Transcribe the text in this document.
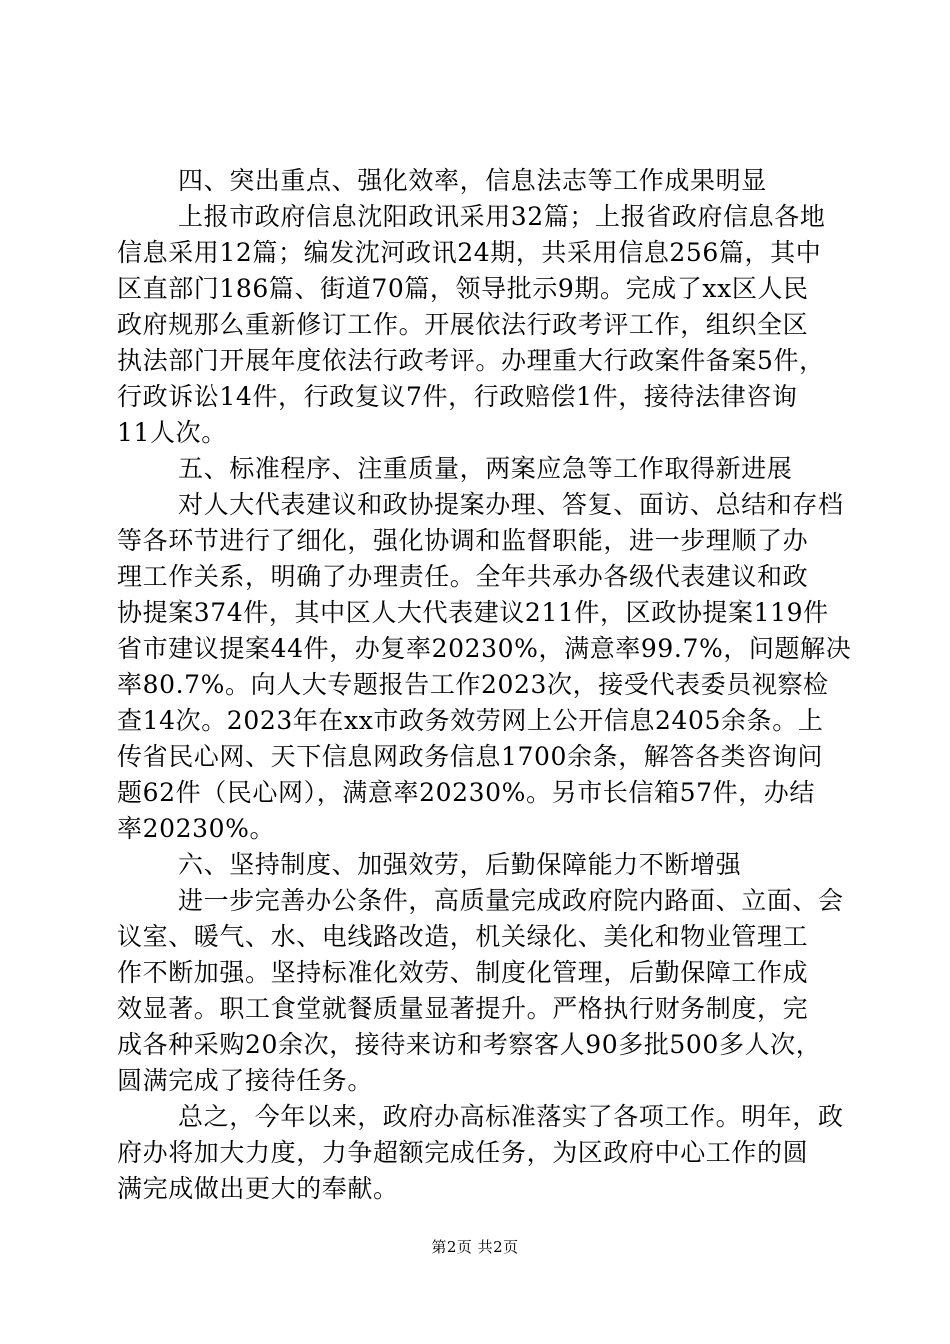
四、突出重点、强化效率，信息法志等工作成果明显
上报市政府信息沈阳政讯采用32篇；上报省政府信息各地
信息采用12篇；编发沈河政讯24期，共采用信息256篇，其中
区直部门186篇、街道70篇，领导批示9期。完成了xx区人民
政府规那么重新修订工作。开展依法行政考评工作，组织全区
执法部门开展年度依法行政考评。办理重大行政案件备案5件，
行政诉讼14件，行政复议7件，行政赔偿1件，接待法律咨询
11人次。
五、标准程序、注重质量，两案应急等工作取得新进展
对人大代表建议和政协提案办理、答复、面访、总结和存档
等各环节进行了细化，强化协调和监督职能，进一步理顺了办
理工作关系，明确了办理责任。全年共承办各级代表建议和政
协提案374件，其中区人大代表建议211件，区政协提案119件
省市建议提案44件，办复率20230%，满意率99.7%，问题解决
率80.7%。向人大专题报告工作2023次，接受代表委员视察检
查14次。2023年在xx市政务效劳网上公开信息2405余条。上
传省民心网、天下信息网政务信息1700余条，解答各类咨询问
题62件（民心网），满意率20230%。另市长信箱57件，办结
率20230%。
六、坚持制度、加强效劳，后勤保障能力不断增强
进一步完善办公条件，高质量完成政府院内路面、立面、会
议室、暖气、水、电线路改造，机关绿化、美化和物业管理工
作不断加强。坚持标准化效劳、制度化管理，后勤保障工作成
效显著。职工食堂就餐质量显著提升。严格执行财务制度，完
成各种采购20余次，接待来访和考察客人90多批500多人次，
圆满完成了接待任务。
总之，今年以来，政府办高标准落实了各项工作。明年，政
府办将加大力度，力争超额完成任务，为区政府中心工作的圆
满完成做出更大的奉献。
第2页 共2页
